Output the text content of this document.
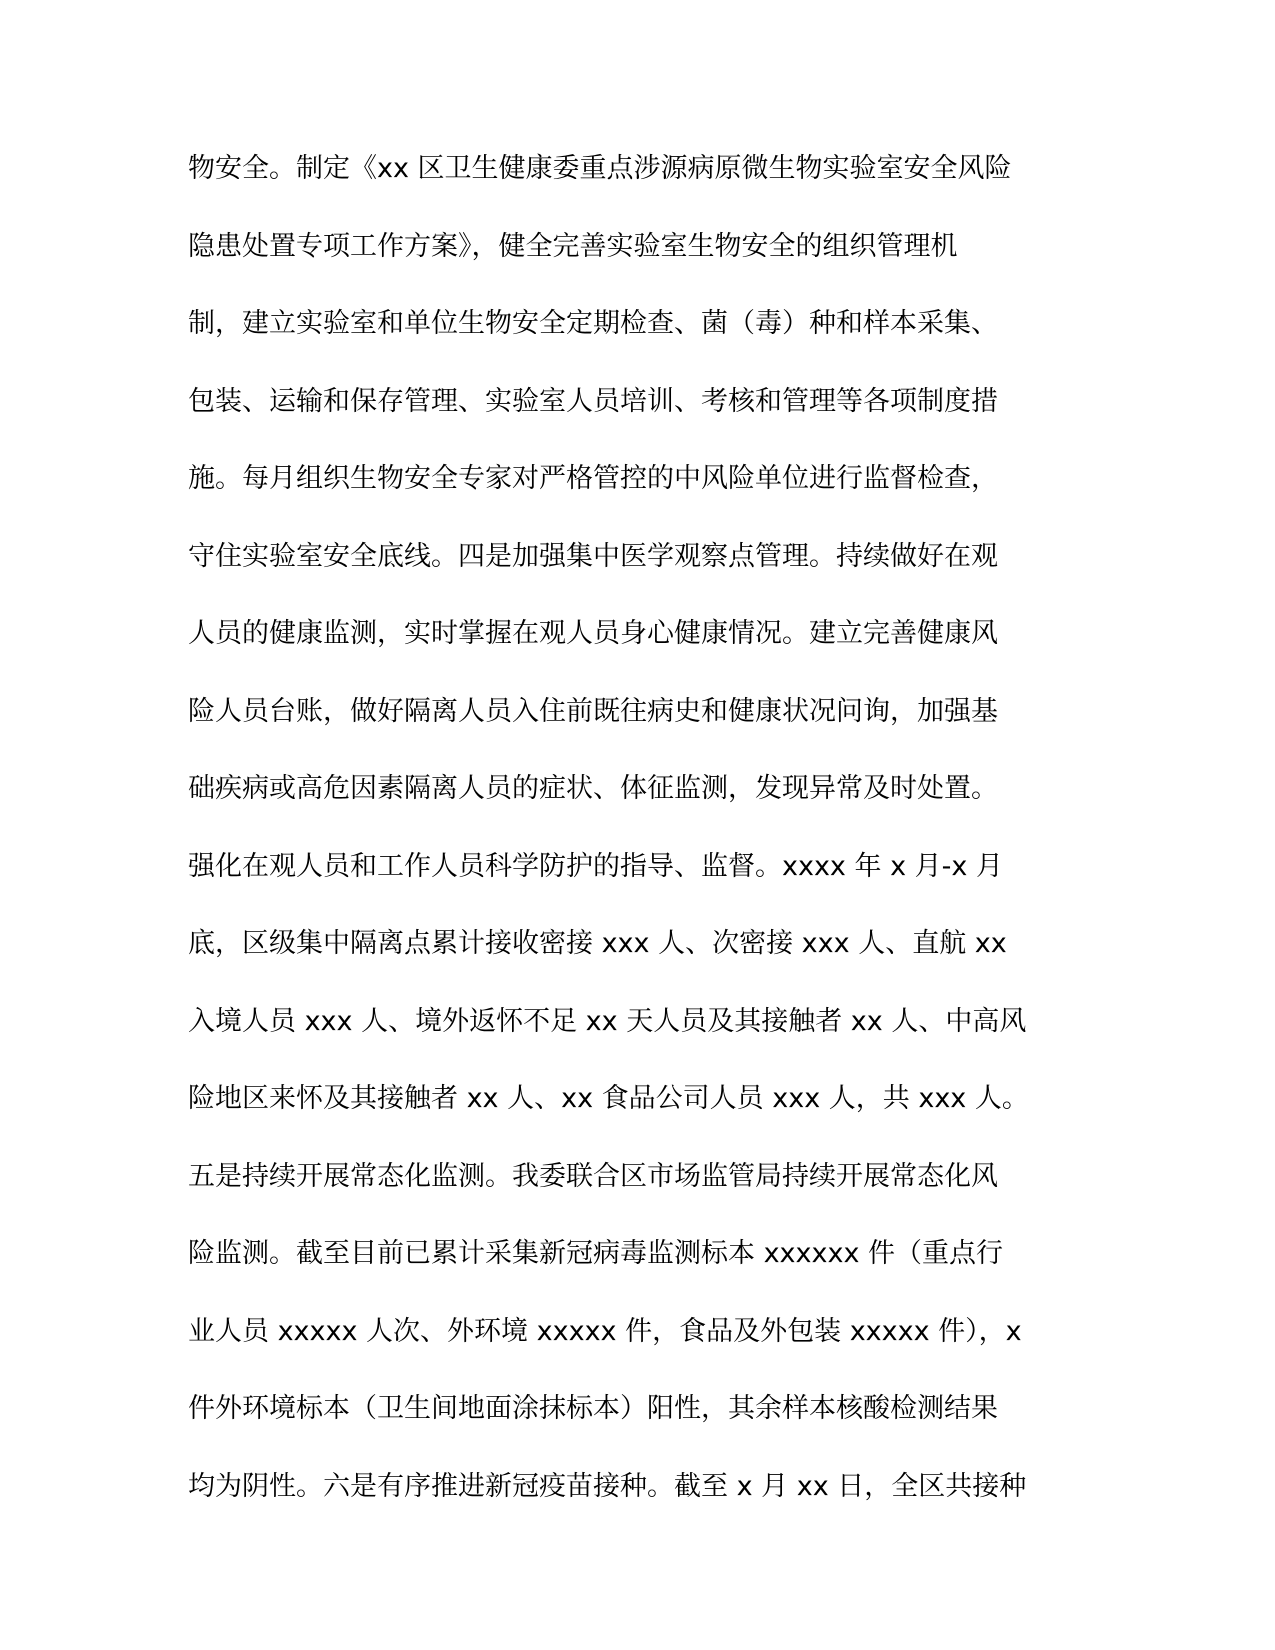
物安全。制定《xx 区卫生健康委重点涉源病原微生物实验室安全风险
隐患处置专项工作方案》，健全完善实验室生物安全的组织管理机
制，建立实验室和单位生物安全定期检查、菌（毒）种和样本采集、
包装、运输和保存管理、实验室人员培训、考核和管理等各项制度措
施。每月组织生物安全专家对严格管控的中风险单位进行监督检查，
守住实验室安全底线。四是加强集中医学观察点管理。持续做好在观
人员的健康监测，实时掌握在观人员身心健康情况。建立完善健康风
险人员台账，做好隔离人员入住前既往病史和健康状况问询，加强基
础疾病或高危因素隔离人员的症状、体征监测，发现异常及时处置。
强化在观人员和工作人员科学防护的指导、监督。xxxx 年 x 月-x 月
底，区级集中隔离点累计接收密接 xxx 人、次密接 xxx 人、直航 xx
入境人员 xxx 人、境外返怀不足 xx 天人员及其接触者 xx 人、中高风
险地区来怀及其接触者 xx 人、xx 食品公司人员 xxx 人，共 xxx 人。
五是持续开展常态化监测。我委联合区市场监管局持续开展常态化风
险监测。截至目前已累计采集新冠病毒监测标本 xxxxxx 件（重点行
业人员 xxxxx 人次、外环境 xxxxx 件，食品及外包装 xxxxx 件），x
件外环境标本（卫生间地面涂抹标本）阳性，其余样本核酸检测结果
均为阴性。六是有序推进新冠疫苗接种。截至 x 月 xx 日，全区共接种
